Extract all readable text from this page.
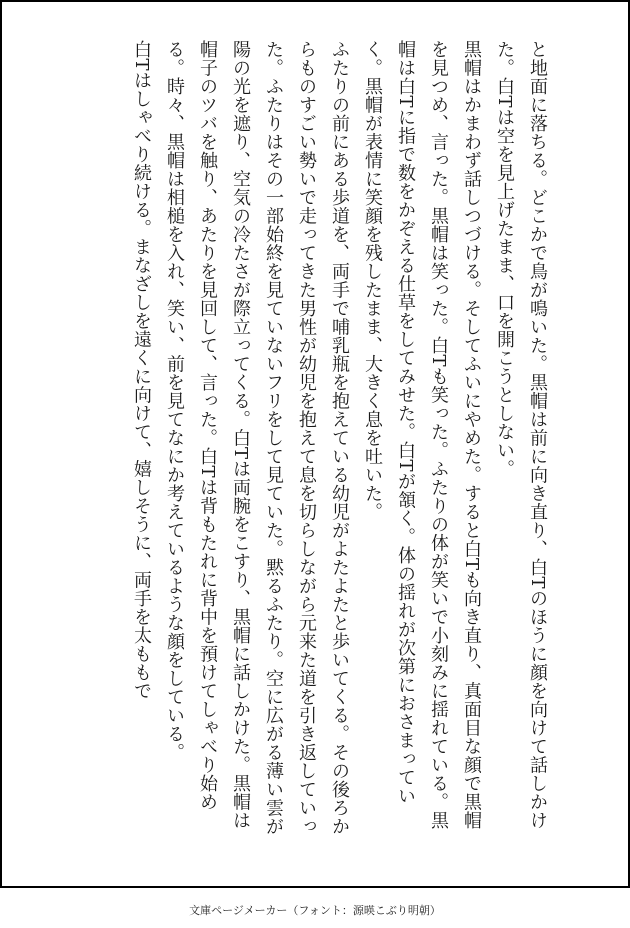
と地面に落ちる。どこかで鳥が鳴いた。黒帽は前に向き直り、白Tのほうに顔を向けて話しかけた。白Tは空を見上げたまま、口を開こうとしない。

黒帽はかまわず話しつづける。そしてふいにやめた。すると白Tも向き直り、真面目な顔で黒帽を見つめ、言った。黒帽は笑った。白Tも笑った。ふたりの体が笑いで小刻みに揺れている。黒帽は白Tに指で数をかぞえる仕草をしてみせた。白Tが頷く。体の揺れが次第におさまっていく。黒帽が表情に笑顔を残したまま、大きく息を吐いた。

ふたりの前にある歩道を、両手で哺乳瓶を抱えている幼児がよたよたと歩いてくる。その後ろからものすごい勢いで走ってきた男性が幼児を抱えて息を切らしながら元来た道を引き返していった。ふたりはその一部始終を見ていないフリをして見ていた。黙るふたり。空に広がる薄い雲が陽の光を遮り、空気の冷たさが際立ってくる。白Tは両腕をこすり、黒帽に話しかけた。黒帽は帽子のツバを触り、あたりを見回して、言った。白Tは背もたれに背中を預けてしゃべり始める。時々、黒帽は相槌を入れ、笑い、前を見てなにか考えているような顔をしている。

白Tはしゃべり続ける。まなざしを遠くに向けて、嬉しそうに、両手を太ももで

文庫ページメーカー（フォント：源暎こぶり明朝）
